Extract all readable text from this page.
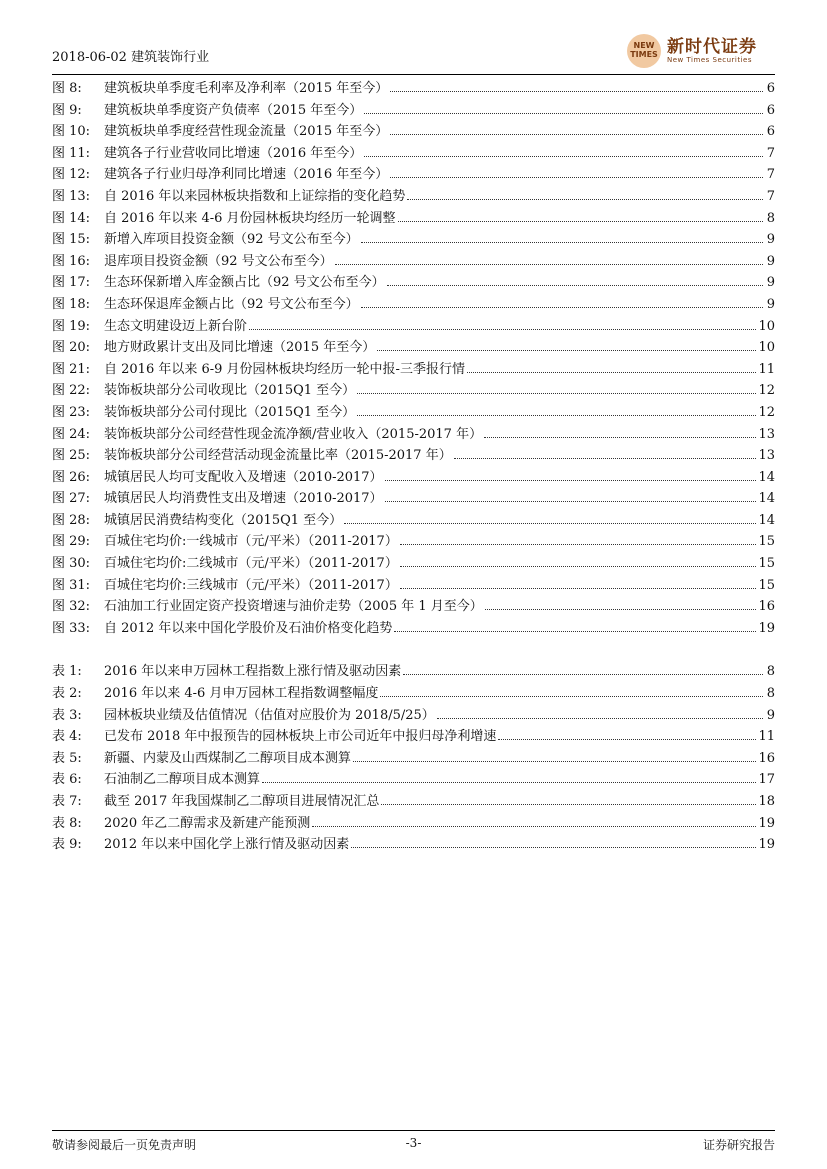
2018-06-02 建筑装饰行业
NEW TIMES 新时代证券
New Times Securities
图 8:	建筑板块单季度毛利率及净利率（2015 年至今）	6
图 9:	建筑板块单季度资产负债率（2015 年至今）	6
图 10:	建筑板块单季度经营性现金流量（2015 年至今）	6
图 11:	建筑各子行业营收同比增速（2016 年至今）	7
图 12:	建筑各子行业归母净利同比增速（2016 年至今）	7
图 13:	自 2016 年以来园林板块指数和上证综指的变化趋势	7
图 14:	自 2016 年以来 4-6 月份园林板块均经历一轮调整	8
图 15:	新增入库项目投资金额（92 号文公布至今）	9
图 16:	退库项目投资金额（92 号文公布至今）	9
图 17:	生态环保新增入库金额占比（92 号文公布至今）	9
图 18:	生态环保退库金额占比（92 号文公布至今）	9
图 19:	生态文明建设迈上新台阶	10
图 20:	地方财政累计支出及同比增速（2015 年至今）	10
图 21:	自 2016 年以来 6-9 月份园林板块均经历一轮中报-三季报行情	11
图 22:	装饰板块部分公司收现比（2015Q1 至今）	12
图 23:	装饰板块部分公司付现比（2015Q1 至今）	12
图 24:	装饰板块部分公司经营性现金流净额/营业收入（2015-2017 年）	13
图 25:	装饰板块部分公司经营活动现金流量比率（2015-2017 年）	13
图 26:	城镇居民人均可支配收入及增速（2010-2017）	14
图 27:	城镇居民人均消费性支出及增速（2010-2017）	14
图 28:	城镇居民消费结构变化（2015Q1 至今）	14
图 29:	百城住宅均价:一线城市（元/平米）（2011-2017）	15
图 30:	百城住宅均价:二线城市（元/平米）（2011-2017）	15
图 31:	百城住宅均价:三线城市（元/平米）（2011-2017）	15
图 32:	石油加工行业固定资产投资增速与油价走势（2005 年 1 月至今）	16
图 33:	自 2012 年以来中国化学股价及石油价格变化趋势	19
表 1:	2016 年以来申万园林工程指数上涨行情及驱动因素	8
表 2:	2016 年以来 4-6 月申万园林工程指数调整幅度	8
表 3:	园林板块业绩及估值情况（估值对应股价为 2018/5/25）	9
表 4:	已发布 2018 年中报预告的园林板块上市公司近年中报归母净利增速	11
表 5:	新疆、内蒙及山西煤制乙二醇项目成本测算	16
表 6:	石油制乙二醇项目成本测算	17
表 7:	截至 2017 年我国煤制乙二醇项目进展情况汇总	18
表 8:	2020 年乙二醇需求及新建产能预测	19
表 9:	2012 年以来中国化学上涨行情及驱动因素	19
敬请参阅最后一页免责声明	-3-	证券研究报告
